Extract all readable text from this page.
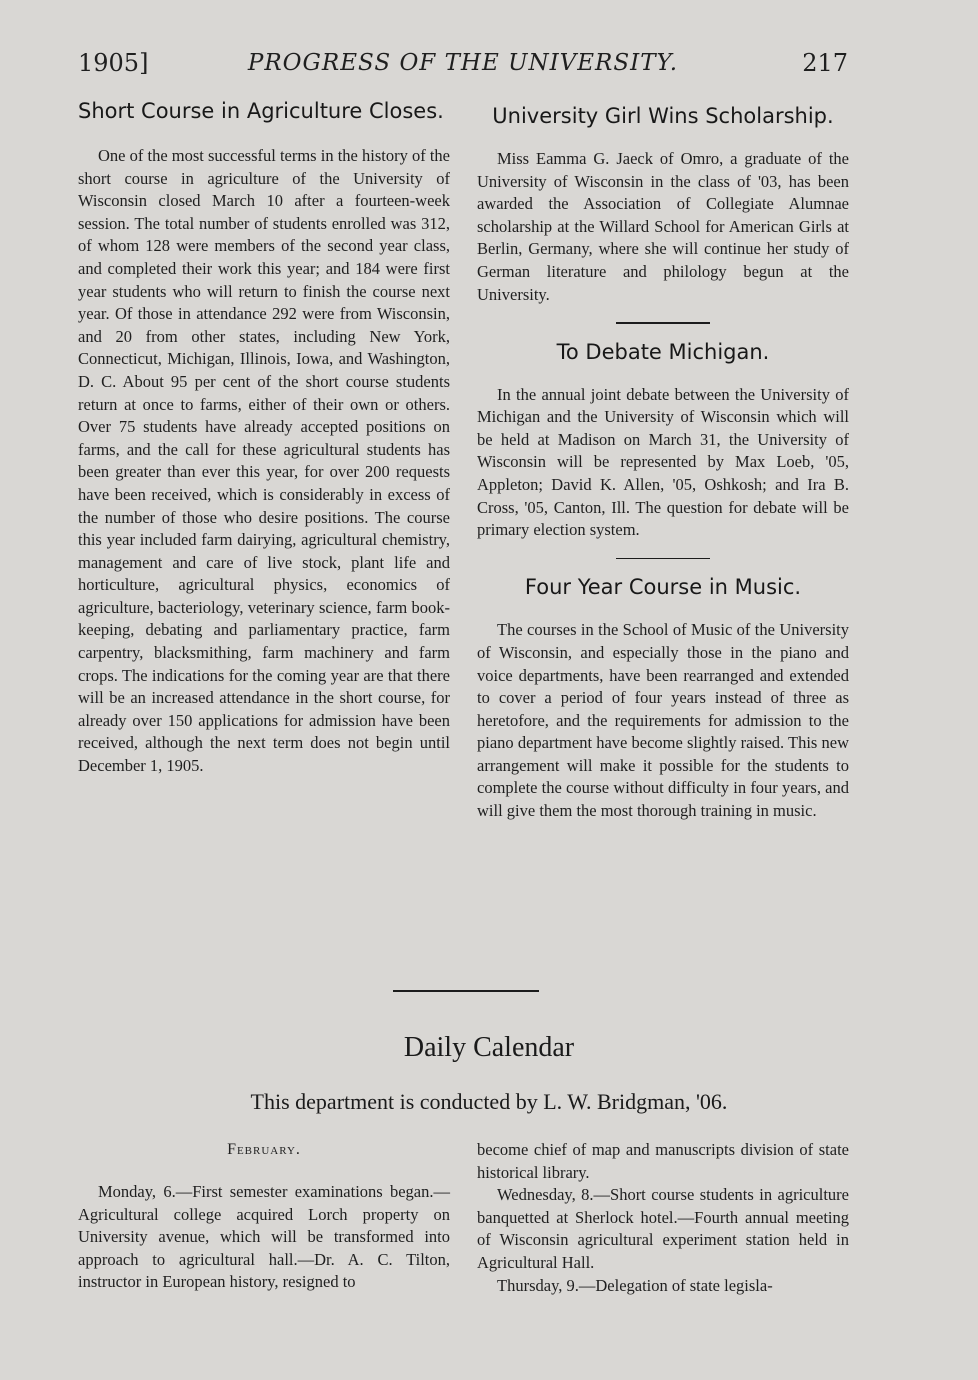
1905]	PROGRESS OF THE UNIVERSITY.	217
Short Course in Agriculture Closes.

One of the most successful terms in the history of the short course in agriculture of the University of Wisconsin closed March 10 after a fourteen-week session. The total number of students enrolled was 312, of whom 128 were members of the second year class, and completed their work this year; and 184 were first year students who will return to finish the course next year. Of those in attendance 292 were from Wisconsin, and 20 from other states, including New York, Connecticut, Michigan, Illinois, Iowa, and Washington, D. C. About 95 per cent of the short course students return at once to farms, either of their own or others. Over 75 students have already accepted positions on farms, and the call for these agricultural students has been greater than ever this year, for over 200 requests have been received, which is considerably in excess of the number of those who desire positions. The course this year included farm dairying, agricultural chemistry, management and care of live stock, plant life and horticulture, agricultural physics, economics of agriculture, bacteriology, veterinary science, farm book-keeping, debating and parliamentary practice, farm carpentry, blacksmithing, farm machinery and farm crops. The indications for the coming year are that there will be an increased attendance in the short course, for already over 150 applications for admission have been received, although the next term does not begin until December 1, 1905.

University Girl Wins Scholarship.

Miss Eamma G. Jaeck of Omro, a graduate of the University of Wisconsin in the class of '03, has been awarded the Association of Collegiate Alumnae scholarship at the Willard School for American Girls at Berlin, Germany, where she will continue her study of German literature and philology begun at the University.

To Debate Michigan.

In the annual joint debate between the University of Michigan and the University of Wisconsin which will be held at Madison on March 31, the University of Wisconsin will be represented by Max Loeb, '05, Appleton; David K. Allen, '05, Oshkosh; and Ira B. Cross, '05, Canton, Ill. The question for debate will be primary election system.

Four Year Course in Music.

The courses in the School of Music of the University of Wisconsin, and especially those in the piano and voice departments, have been rearranged and extended to cover a period of four years instead of three as heretofore, and the requirements for admission to the piano department have become slightly raised. This new arrangement will make it possible for the students to complete the course without difficulty in four years, and will give them the most thorough training in music.

Daily Calendar
This department is conducted by L. W. Bridgman, '06.

February.

Monday, 6.—First semester examinations began.—Agricultural college acquired Lorch property on University avenue, which will be transformed into approach to agricultural hall.—Dr. A. C. Tilton, instructor in European history, resigned to

become chief of map and manuscripts division of state historical library.

Wednesday, 8.—Short course students in agriculture banquetted at Sherlock hotel.—Fourth annual meeting of Wisconsin agricultural experiment station held in Agricultural Hall.

Thursday, 9.—Delegation of state legisla-
